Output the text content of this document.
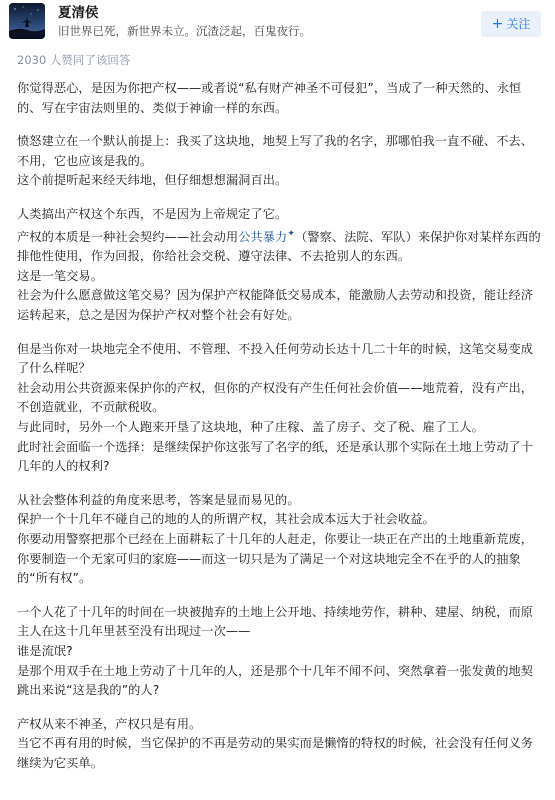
夏清侯
旧世界已死，新世界未立。沉渣泛起，百鬼夜行。	+ 关注
2030 人赞同了该回答

你觉得恶心，是因为你把产权——或者说“私有财产神圣不可侵犯”，当成了一种天然的、永恒的、写在宇宙法则里的、类似于神谕一样的东西。

愤怒建立在一个默认前提上：我买了这块地，地契上写了我的名字，那哪怕我一直不碰、不去、不用，它也应该是我的。
这个前提听起来经天纬地，但仔细想想漏洞百出。

人类搞出产权这个东西，不是因为上帝规定了它。
产权的本质是一种社会契约——社会动用公共暴力✦（警察、法院、军队）来保护你对某样东西的排他性使用，作为回报，你给社会交税、遵守法律、不去抢别人的东西。
这是一笔交易。
社会为什么愿意做这笔交易？因为保护产权能降低交易成本，能激励人去劳动和投资，能让经济运转起来，总之是因为保护产权对整个社会有好处。

但是当你对一块地完全不使用、不管理、不投入任何劳动长达十几二十年的时候，这笔交易变成了什么样呢？
社会动用公共资源来保护你的产权，但你的产权没有产生任何社会价值——地荒着，没有产出，不创造就业，不贡献税收。
与此同时，另外一个人跑来开垦了这块地，种了庄稼、盖了房子、交了税、雇了工人。
此时社会面临一个选择：是继续保护你这张写了名字的纸，还是承认那个实际在土地上劳动了十几年的人的权利?

从社会整体利益的角度来思考，答案是显而易见的。
保护一个十几年不碰自己的地的人的所谓产权，其社会成本远大于社会收益。
你要动用警察把那个已经在上面耕耘了十几年的人赶走，你要让一块正在产出的土地重新荒废，你要制造一个无家可归的家庭——而这一切只是为了满足一个对这块地完全不在乎的人的抽象的“所有权”。

一个人花了十几年的时间在一块被抛弃的土地上公开地、持续地劳作，耕种、建屋、纳税，而原主人在这十几年里甚至没有出现过一次——
谁是流氓?
是那个用双手在土地上劳动了十几年的人，还是那个十几年不闻不问、突然拿着一张发黄的地契跳出来说“这是我的”的人?

产权从来不神圣，产权只是有用。
当它不再有用的时候，当它保护的不再是劳动的果实而是懒惰的特权的时候，社会没有任何义务继续为它买单。
